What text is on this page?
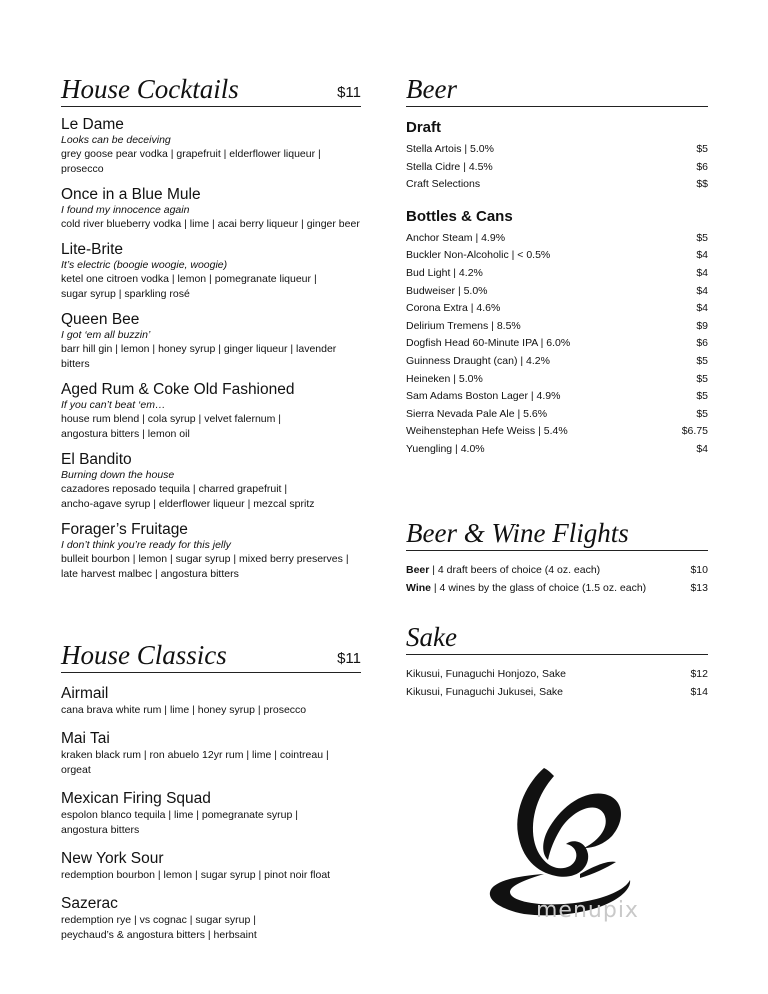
House Cocktails	$11
Le Dame
Looks can be deceiving
grey goose pear vodka | grapefruit | elderflower liqueur | prosecco
Once in a Blue Mule
I found my innocence again
cold river blueberry vodka | lime | acai berry liqueur | ginger beer
Lite-Brite
It’s electric (boogie woogie, woogie)
ketel one citroen vodka | lemon | pomegranate liqueur |
sugar syrup | sparkling rosé
Queen Bee
I got ‘em all buzzin’
barr hill gin | lemon | honey syrup | ginger liqueur | lavender bitters
Aged Rum & Coke Old Fashioned
If you can’t beat ‘em…
house rum blend | cola syrup | velvet falernum |
angostura bitters | lemon oil
El Bandito
Burning down the house
cazadores reposado tequila | charred grapefruit |
ancho-agave syrup | elderflower liqueur | mezcal spritz
Forager’s Fruitage
I don’t think you’re ready for this jelly
bulleit bourbon | lemon | sugar syrup | mixed berry preserves |
late harvest malbec | angostura bitters
House Classics	$11
Airmail
cana brava white rum | lime | honey syrup | prosecco
Mai Tai
kraken black rum | ron abuelo 12yr rum | lime | cointreau | orgeat
Mexican Firing Squad
espolon blanco tequila | lime | pomegranate syrup |
angostura bitters
New York Sour
redemption bourbon | lemon | sugar syrup | pinot noir float
Sazerac
redemption rye | vs cognac | sugar syrup |
peychaud’s & angostura bitters | herbsaint
Beer
Draft
Stella Artois | 5.0%	$5
Stella Cidre | 4.5%	$6
Craft Selections	$$
Bottles & Cans
Anchor Steam | 4.9%	$5
Buckler Non-Alcoholic | < 0.5%	$4
Bud Light | 4.2%	$4
Budweiser | 5.0%	$4
Corona Extra | 4.6%	$4
Delirium Tremens | 8.5%	$9
Dogfish Head 60-Minute IPA | 6.0%	$6
Guinness Draught (can) | 4.2%	$5
Heineken | 5.0%	$5
Sam Adams Boston Lager | 4.9%	$5
Sierra Nevada Pale Ale | 5.6%	$5
Weihenstephan Hefe Weiss | 5.4%	$6.75
Yuengling | 4.0%	$4
Beer & Wine Flights
Beer | 4 draft beers of choice (4 oz. each)	$10
Wine | 4 wines by the glass of choice (1.5 oz. each)	$13
Sake
Kikusui, Funaguchi Honjozo, Sake	$12
Kikusui, Funaguchi Jukusei, Sake	$14
menupix
